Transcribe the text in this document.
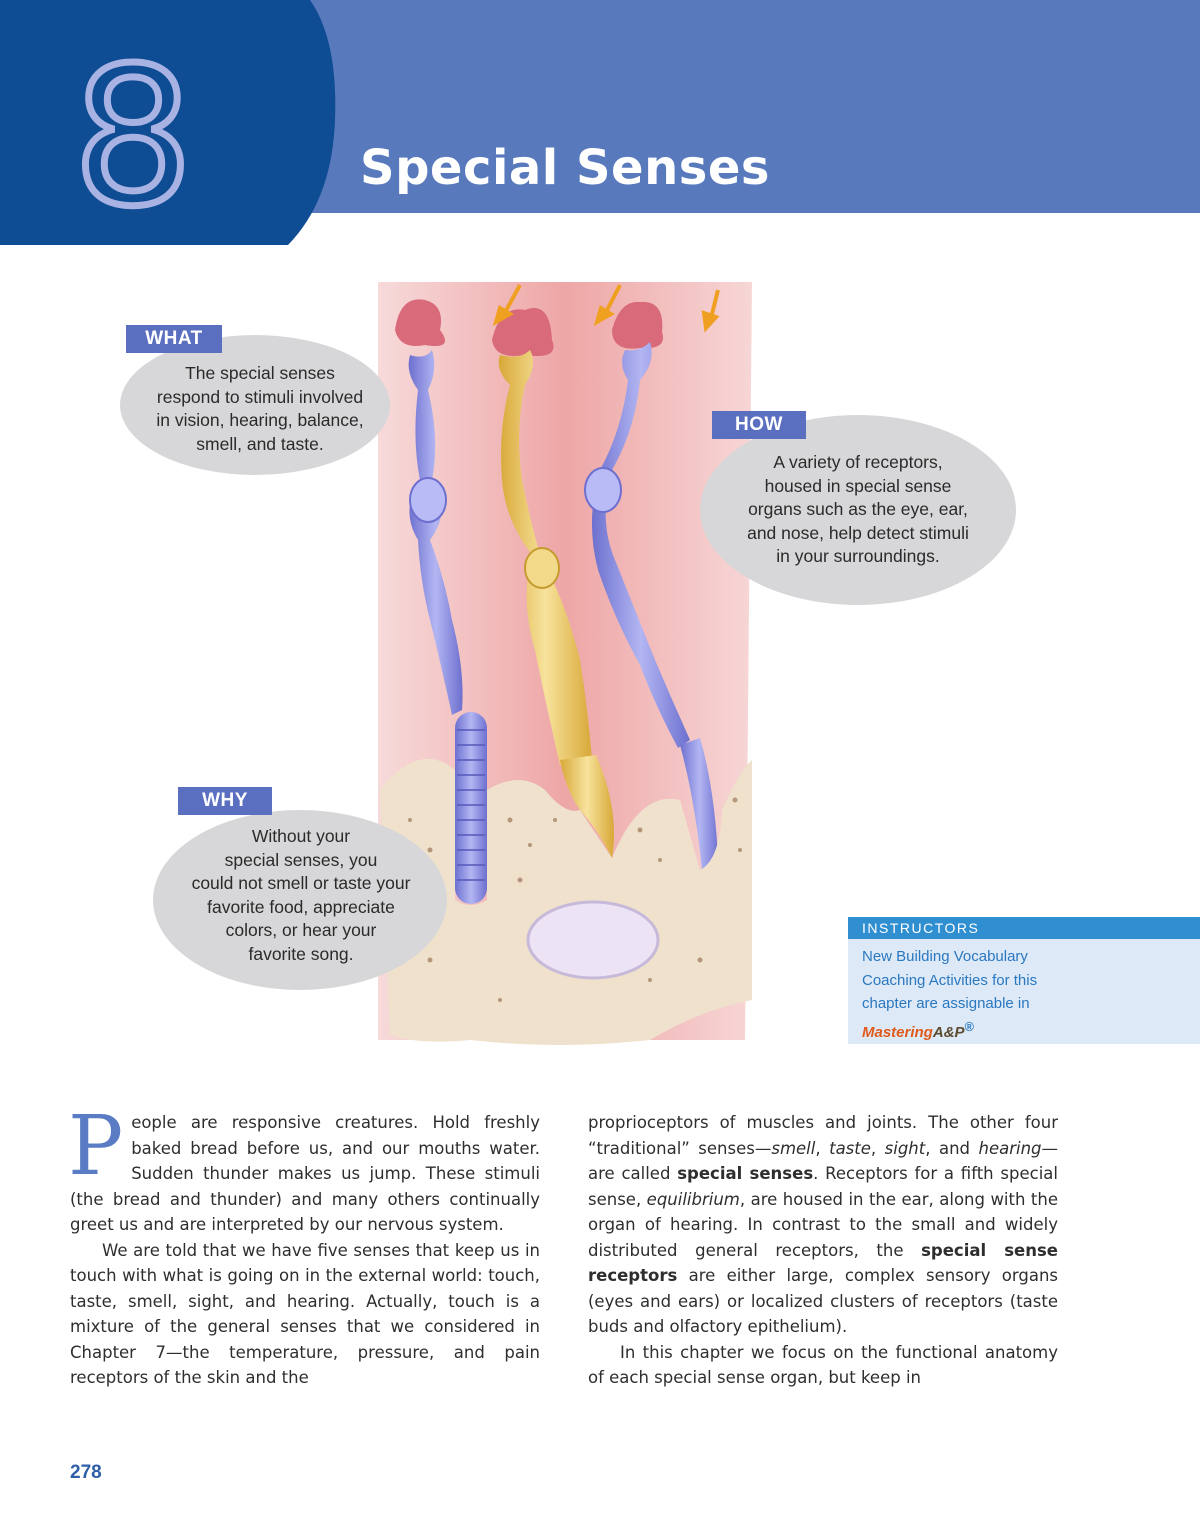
8	Special Senses
WHAT
The special senses
respond to stimuli involved
in vision, hearing, balance,
smell, and taste.
HOW
A variety of receptors,
housed in special sense
organs such as the eye, ear,
and nose, help detect stimuli
in your surroundings.
WHY
Without your
special senses, you
could not smell or taste your
favorite food, appreciate
colors, or hear your
favorite song.
INSTRUCTORS
New Building Vocabulary
Coaching Activities for this
chapter are assignable in
MasteringA&P®

People are responsive creatures. Hold freshly baked bread before us, and our mouths water. Sudden thunder makes us jump. These stimuli (the bread and thunder) and many others continually greet us and are interpreted by our nervous system.

We are told that we have five senses that keep us in touch with what is going on in the external world: touch, taste, smell, sight, and hearing. Actually, touch is a mixture of the general senses that we considered in Chapter 7—the temperature, pressure, and pain receptors of the skin and the

proprioceptors of muscles and joints. The other four “traditional” senses—smell, taste, sight, and hearing—are called special senses. Receptors for a fifth special sense, equilibrium, are housed in the ear, along with the organ of hearing. In contrast to the small and widely distributed general receptors, the special sense receptors are either large, complex sensory organs (eyes and ears) or localized clusters of receptors (taste buds and olfactory epithelium).

In this chapter we focus on the functional anatomy of each special sense organ, but keep in

278
